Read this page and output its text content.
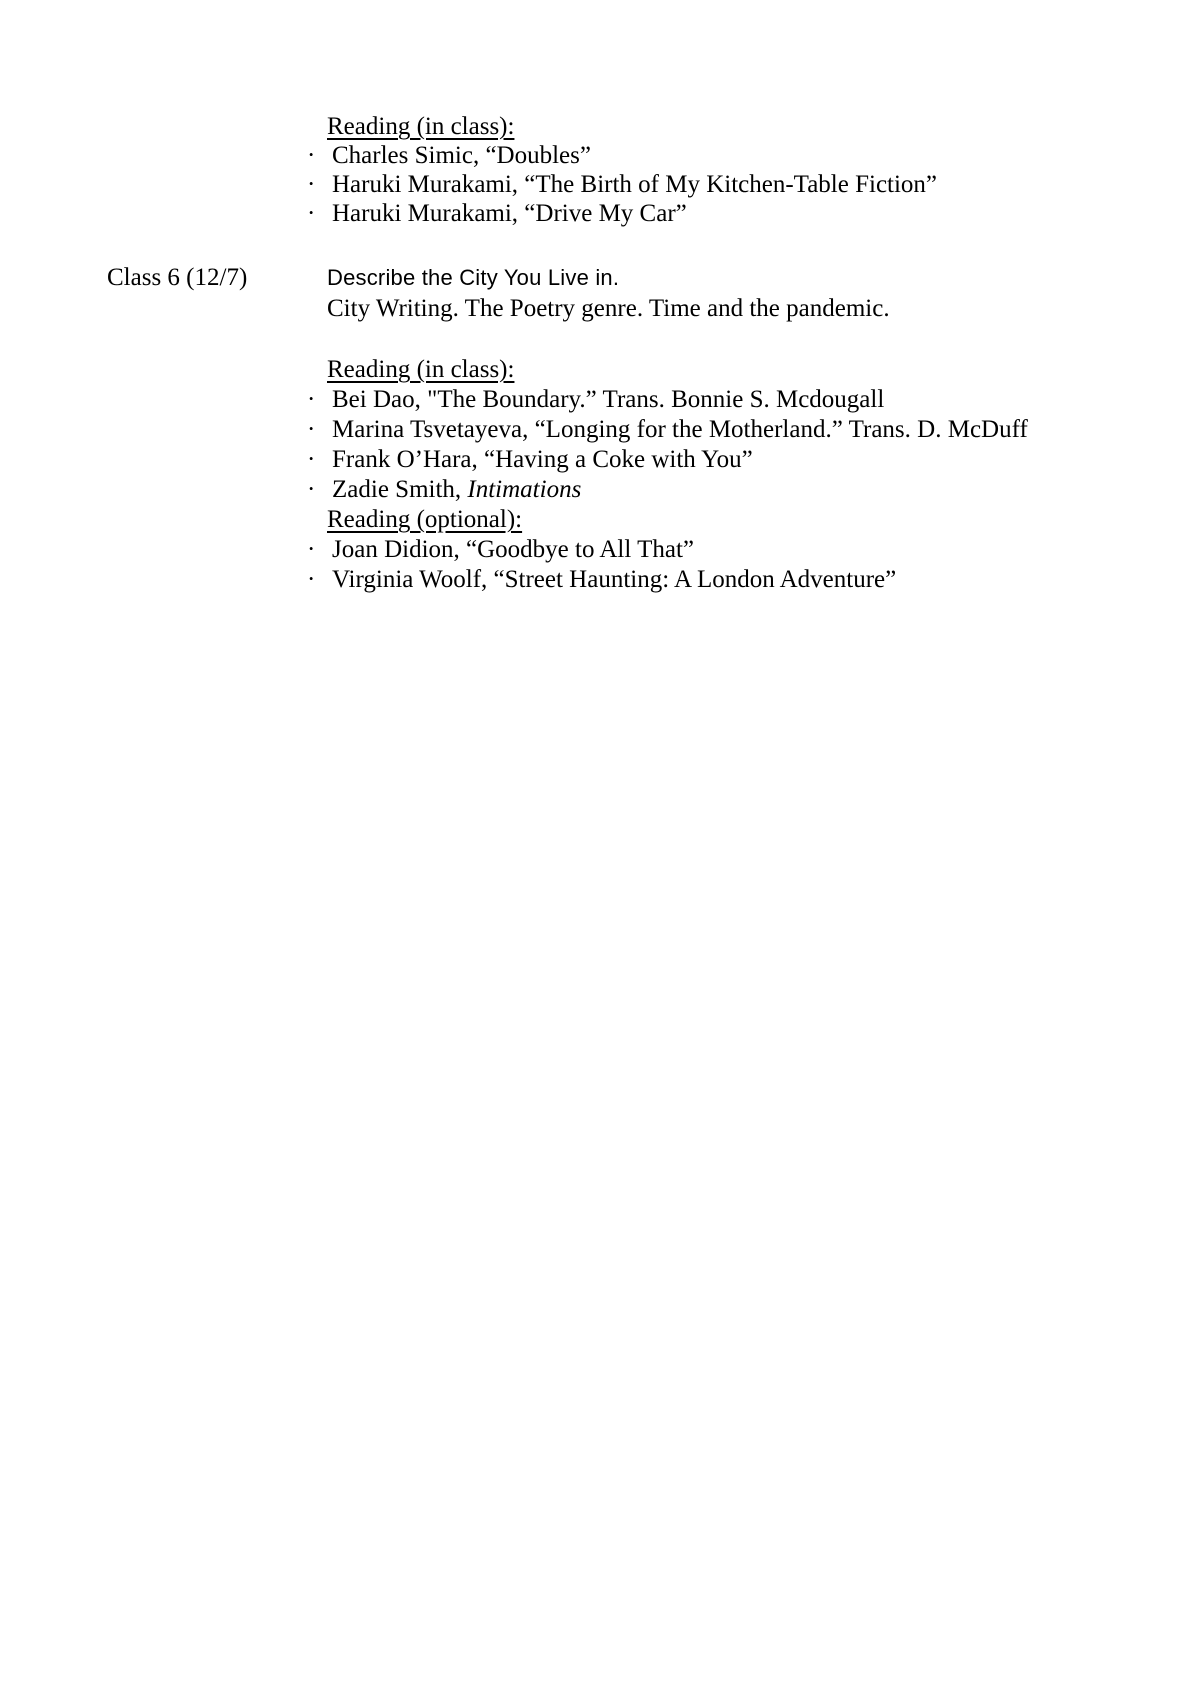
Reading (in class):
· Charles Simic, “Doubles”
· Haruki Murakami, “The Birth of My Kitchen-Table Fiction”
· Haruki Murakami, “Drive My Car”
Class 6 (12/7)	Describe the City You Live in.
City Writing. The Poetry genre. Time and the pandemic.
Reading (in class):
· Bei Dao, "The Boundary.” Trans. Bonnie S. Mcdougall
· Marina Tsvetayeva, “Longing for the Motherland.” Trans. D. McDuff
· Frank O’Hara, “Having a Coke with You”
· Zadie Smith, Intimations
Reading (optional):
· Joan Didion, “Goodbye to All That”
· Virginia Woolf, “Street Haunting: A London Adventure”
